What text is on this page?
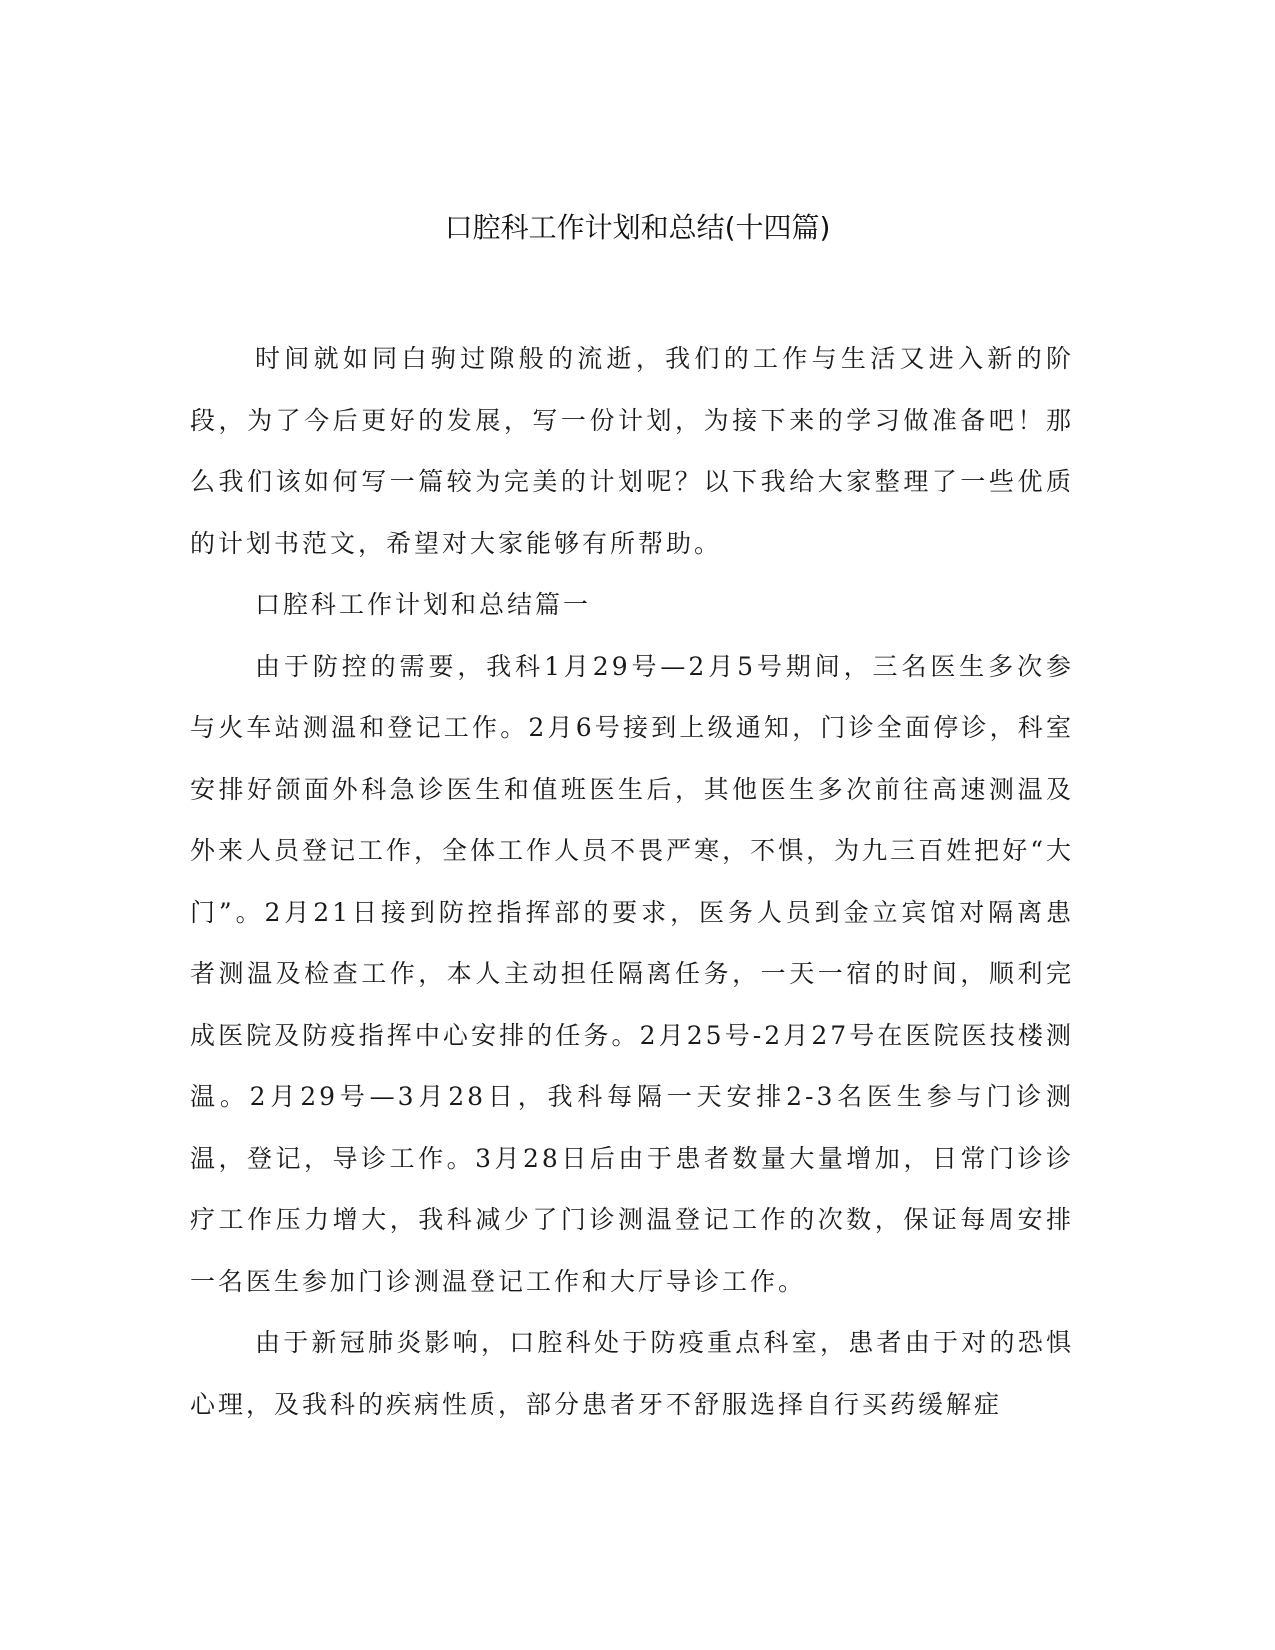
口腔科工作计划和总结(十四篇)

时间就如同白驹过隙般的流逝，我们的工作与生活又进入新的阶段，为了今后更好的发展，写一份计划，为接下来的学习做准备吧！那么我们该如何写一篇较为完美的计划呢？以下我给大家整理了一些优质的计划书范文，希望对大家能够有所帮助。

口腔科工作计划和总结篇一

由于防控的需要，我科1月29号—2月5号期间，三名医生多次参与火车站测温和登记工作。2月6号接到上级通知，门诊全面停诊，科室安排好颌面外科急诊医生和值班医生后，其他医生多次前往高速测温及外来人员登记工作，全体工作人员不畏严寒，不惧，为九三百姓把好“大门”。2月21日接到防控指挥部的要求，医务人员到金立宾馆对隔离患者测温及检查工作，本人主动担任隔离任务，一天一宿的时间，顺利完成医院及防疫指挥中心安排的任务。2月25号-2月27号在医院医技楼测温。2月29号—3月28日，我科每隔一天安排2-3名医生参与门诊测温，登记，导诊工作。3月28日后由于患者数量大量增加，日常门诊诊疗工作压力增大，我科减少了门诊测温登记工作的次数，保证每周安排一名医生参加门诊测温登记工作和大厅导诊工作。

由于新冠肺炎影响，口腔科处于防疫重点科室，患者由于对的恐惧心理，及我科的疾病性质，部分患者牙不舒服选择自行买药缓解症
